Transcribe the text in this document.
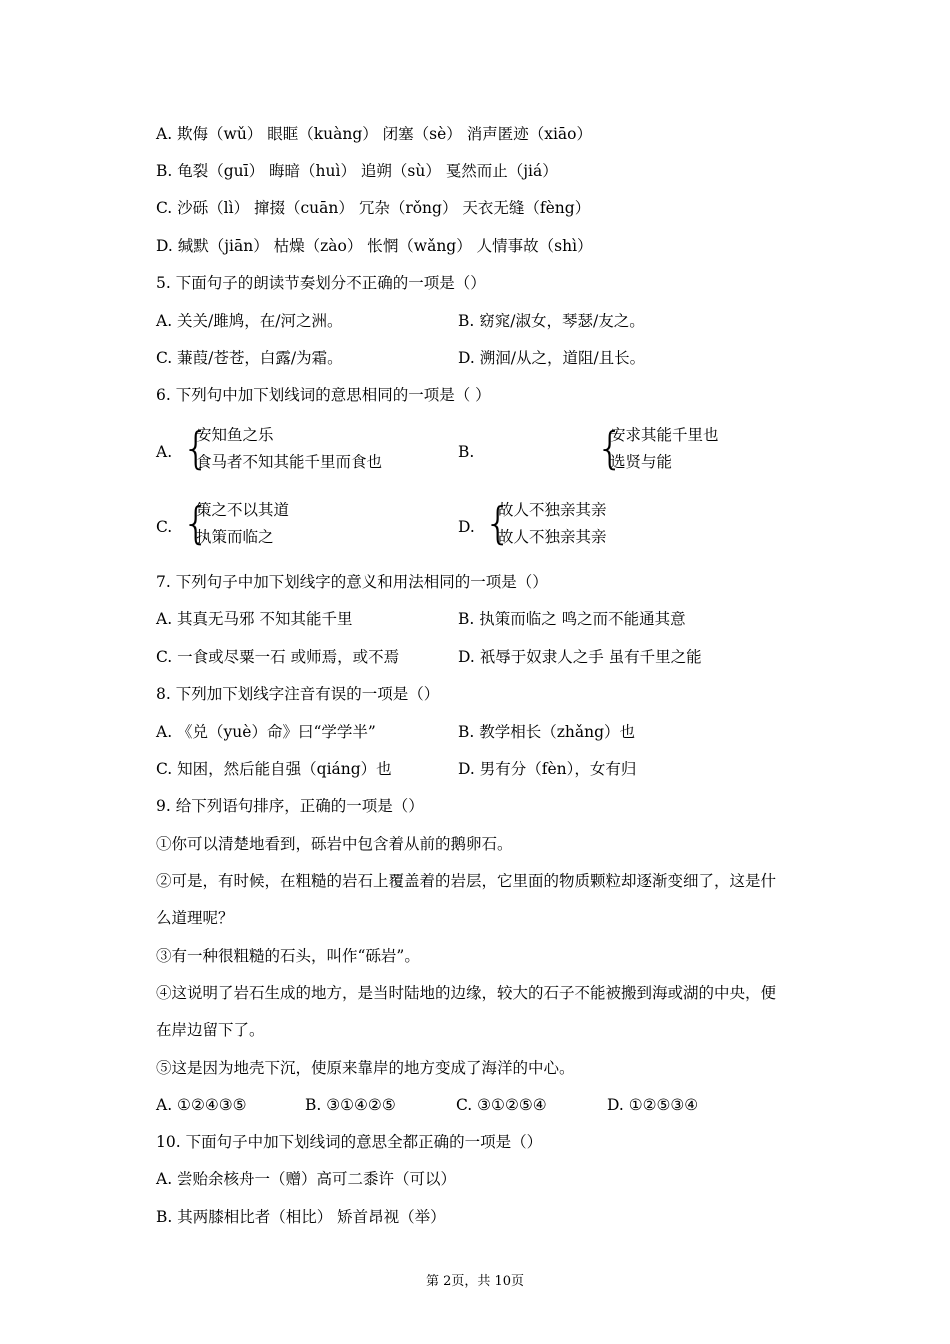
A. 欺侮（wǔ） 眼眶（kuàng） 闭塞（sè） 消声匿迹（xiāo）
B. 龟裂（guī） 晦暗（huì） 追朔（sù） 戛然而止（jiá）
C. 沙砾（lì） 撺掇（cuān） 冗杂（rǒng） 天衣无缝（fèng）
D. 缄默（jiān） 枯燥（zào） 怅惘（wǎng） 人情事故（shì）
5. 下面句子的朗读节奏划分不正确的一项是（）
A. 关关/雎鸠，在/河之洲。	B. 窈窕/淑女，琴瑟/友之。
C. 蒹葭/苍苍，白露/为霜。	D. 溯洄/从之，道阻/且长。
6. 下列句中加下划线词的意思相同的一项是（ ）
A. {
安知鱼之乐
食马者不知其能千里而食也
B.	{
安求其能千里也
选贤与能
C. {
策之不以其道
执策而临之
D. {
故人不独亲其亲
故人不独亲其亲
7. 下列句子中加下划线字的意义和用法相同的一项是（）
A. 其真无马邪 不知其能千里	B. 执策而临之 鸣之而不能通其意
C. 一食或尽粟一石 或师焉，或不焉	D. 祇辱于奴隶人之手 虽有千里之能
8. 下列加下划线字注音有误的一项是（）
A. 《兑（yuè）命》曰“学学半”	B. 教学相长（zhǎng）也
C. 知困，然后能自强（qiáng）也	D. 男有分（fèn），女有归
9. 给下列语句排序，正确的一项是（）
①你可以清楚地看到，砾岩中包含着从前的鹅卵石。
②可是，有时候，在粗糙的岩石上覆盖着的岩层，它里面的物质颗粒却逐渐变细了，这是什
么道理呢？
③有一种很粗糙的石头，叫作“砾岩”。
④这说明了岩石生成的地方，是当时陆地的边缘，较大的石子不能被搬到海或湖的中央，便
在岸边留下了。
⑤这是因为地壳下沉，使原来靠岸的地方变成了海洋的中心。
A. ①②④③⑤	B. ③①④②⑤	C. ③①②⑤④	D. ①②⑤③④
10. 下面句子中加下划线词的意思全都正确的一项是（）
A. 尝贻余核舟一（赠）高可二黍许（可以）
B. 其两膝相比者（相比） 矫首昂视（举）
第 2页，共 10页
